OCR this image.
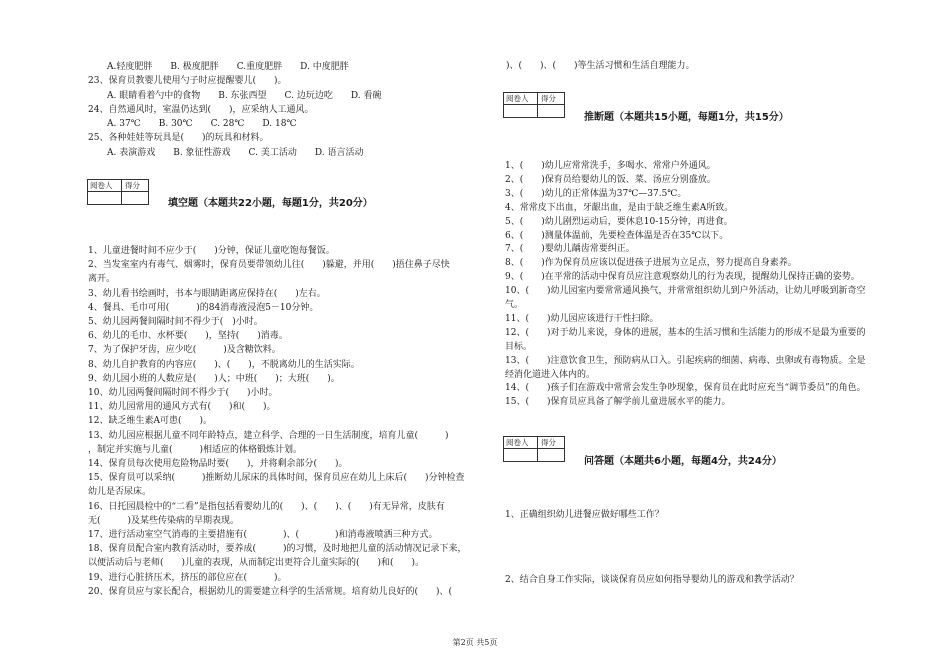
A.轻度肥胖　　B. 极度肥胖　　C.重度肥胖　　D. 中度肥胖
23、保育员教婴儿使用勺子时应提醒婴儿(　　)。
A. 眼睛看着勺中的食物　　B. 东张西望　　C. 边玩边吃　　D. 看碗
24、自然通风时，室温仍达到(　　)，应采纳人工通风。
A. 37℃　　B. 30℃　　C. 28℃　　D. 18℃
25、各种娃娃等玩具是(　　)的玩具和材料。
A. 表演游戏　　B. 象征性游戏　　C. 美工活动　　D. 语言活动
阅卷人 得分
填空题（本题共22小题，每题1分，共20分）
1、儿童进餐时间不应少于(　　)分钟，保证儿童吃饱每餐饭。
2、当发室室内有毒气、烟雾时，保育员要带领幼儿往(　　)躲避，并用(　　)捂住鼻子尽快
离开。
3、幼儿看书绘画时，书本与眼睛距离应保持在(　　)左右。
4、餐具、毛巾可用(　　　)的84消毒液浸泡5－10分钟。
5、幼儿园两餐间隔时间不得少于(　)小时。
6、幼儿的毛巾、水杯要(　　)，坚持(　　)消毒。
7、为了保护牙齿，应少吃(　　　)及含糖饮料。
8、幼儿自护教育的内容应(　　)、(　　)，不脱离幼儿的生活实际。
9、幼儿园小班的人数应是(　　)人；中班(　　)；大班(　　)。
10、幼儿园两餐间隔时间不得少于(　　)小时。
11、幼儿园常用的通风方式有(　　)和(　　)。
12、缺乏维生素A可患(　　)。
13、幼儿园应根据儿童不同年龄特点，建立科学、合理的一日生活制度，培育儿童(　　　)
，制定并实施与儿童(　　　)相适应的体格锻炼计划。
14、保育员每次使用危险物品时要(　　)，并将剩余部分(　　)。
15、保育员可以采纳(　　　)推断幼儿尿床的具体时间，保育员应在幼儿上床后(　　)分钟检查
幼儿是否尿床。
16、日托园晨检中的“二看”是指包括看婴幼儿的(　　)、(　　)、(　　)有无异常，皮肤有
无(　　　)及某些传染病的早期表现。
17、进行活动室空气消毒的主要措施有(　　　　)、(　　　　)和消毒液喷洒三种方式。
18、保育员配合室内教育活动时，要养成(　　　)的习惯，及时地把儿童的活动情况记录下来，
以便活动后与老师(　　)儿童的表现，从而制定出更符合儿童实际的(　　)和(　　)。
19、进行心脏挤压术，挤压的部位应在(　　　)。
20、保育员应与家长配合，根据幼儿的需要建立科学的生活常规。培育幼儿良好的(　　)、(
)、(　　)、(　　)等生活习惯和生活自理能力。
阅卷人 得分
推断题（本题共15小题，每题1分，共15分）
1、(　　)幼儿应常常洗手，多喝水、常常户外通风。
2、(　　)保育员给婴幼儿的饭、菜、汤应分别盛放。
3、(　　)幼儿的正常体温为37℃—37.5℃。
4、常常皮下出血，牙龈出血，是由于缺乏维生素A所致。
5、(　　)幼儿剧烈运动后，要休息10-15分钟，再进食。
6、(　　)测量体温前，先要检查体温是否在35℃以下。
7、(　　)婴幼儿龋齿常要纠正。
8、(　　)作为保育员应该以促进孩子进展为立足点，努力提高自身素养。
9、(　　)在平常的活动中保育员应注意观察幼儿的行为表现，提醒幼儿保持正确的姿势。
10、(　　)幼儿园室内要常常通风换气，并常常组织幼儿到户外活动，让幼儿呼吸到新奇空
气。
11、(　　)幼儿园应该进行干性扫除。
12、(　　)对于幼儿来说，身体的进展，基本的生活习惯和生活能力的形成不是最为重要的
目标。
13、(　　)注意饮食卫生，预防病从口入。引起疾病的细菌、病毒、虫卵或有毒物质。全是
经消化道进入体内的。
14、(　　)孩子们在游戏中常常会发生争吵现象，保育员在此时应充当“调节委员”的角色。
15、(　　)保育员应具备了解学前儿童进展水平的能力。
阅卷人 得分
问答题（本题共6小题，每题4分，共24分）
1、正确组织幼儿进餐应做好哪些工作？
2、结合自身工作实际，谈谈保育员应如何指导婴幼儿的游戏和教学活动？
第2页 共5页
